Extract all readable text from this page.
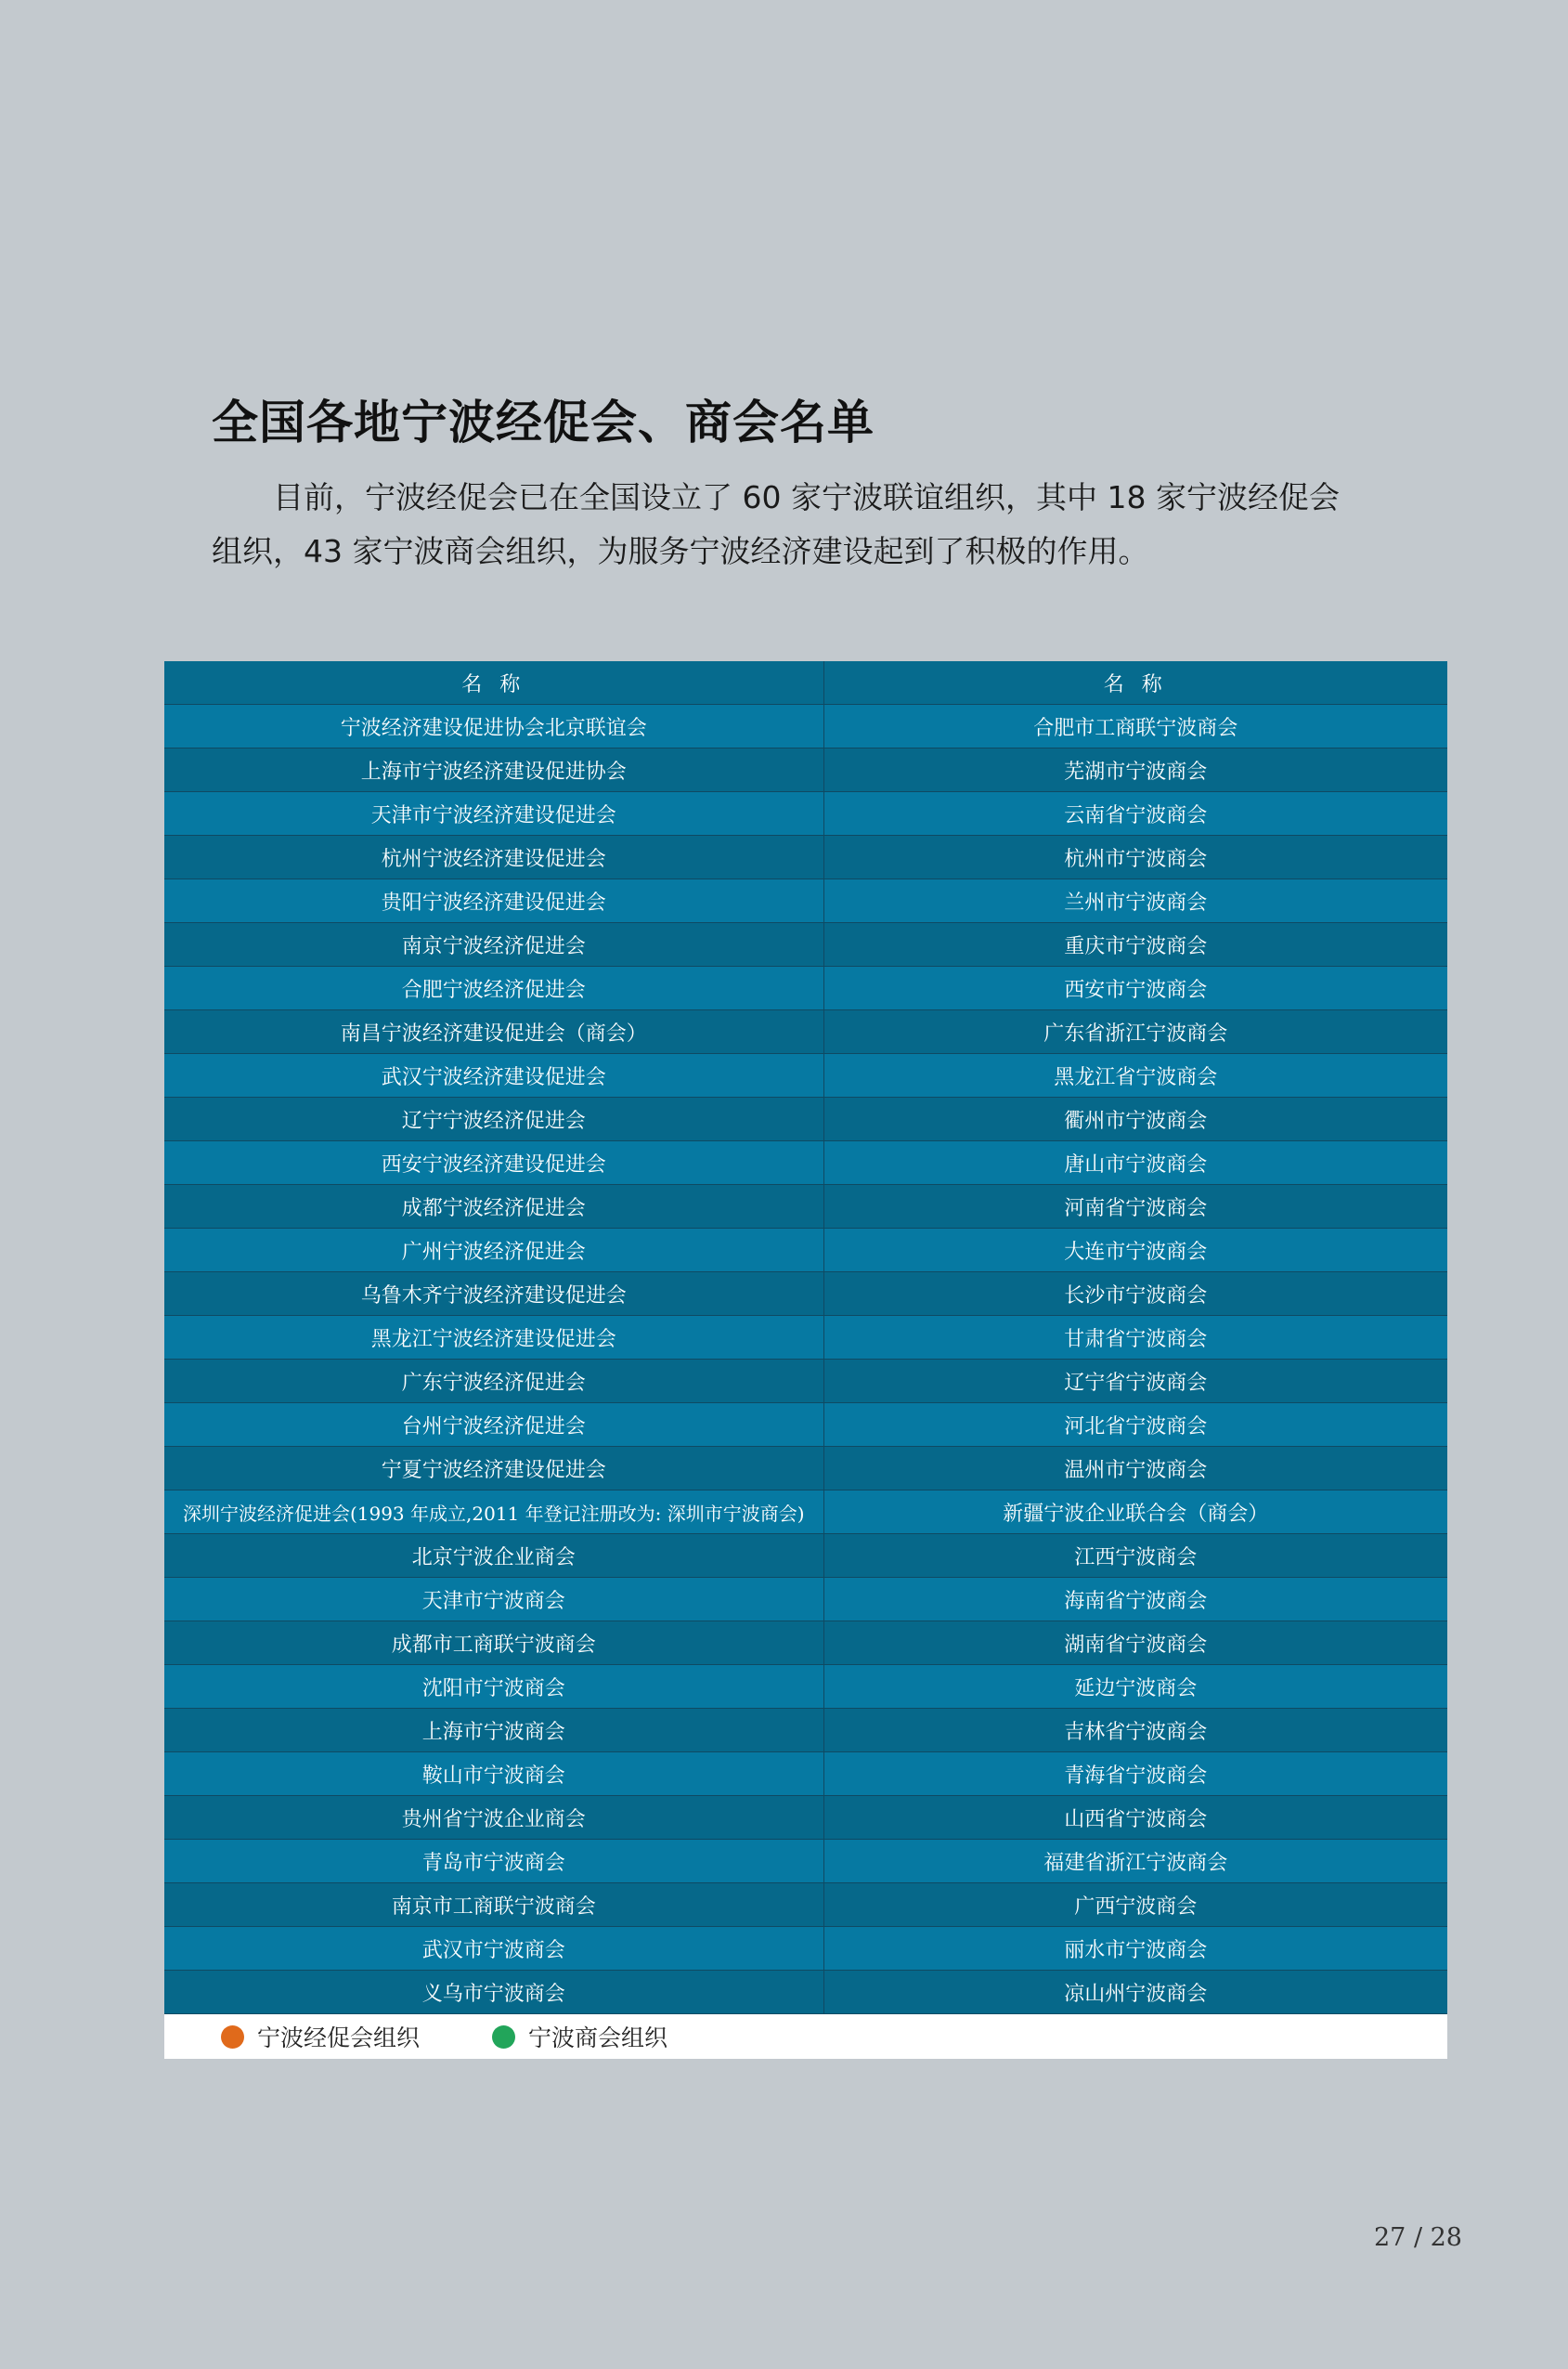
全国各地宁波经促会、商会名单
目前，宁波经促会已在全国设立了 60 家宁波联谊组织，其中 18 家宁波经促会组织，43 家宁波商会组织，为服务宁波经济建设起到了积极的作用。
名 称	名 称
宁波经济建设促进协会北京联谊会	合肥市工商联宁波商会
上海市宁波经济建设促进协会	芜湖市宁波商会
天津市宁波经济建设促进会	云南省宁波商会
杭州宁波经济建设促进会	杭州市宁波商会
贵阳宁波经济建设促进会	兰州市宁波商会
南京宁波经济促进会	重庆市宁波商会
合肥宁波经济促进会	西安市宁波商会
南昌宁波经济建设促进会（商会）	广东省浙江宁波商会
武汉宁波经济建设促进会	黑龙江省宁波商会
辽宁宁波经济促进会	衢州市宁波商会
西安宁波经济建设促进会	唐山市宁波商会
成都宁波经济促进会	河南省宁波商会
广州宁波经济促进会	大连市宁波商会
乌鲁木齐宁波经济建设促进会	长沙市宁波商会
黑龙江宁波经济建设促进会	甘肃省宁波商会
广东宁波经济促进会	辽宁省宁波商会
台州宁波经济促进会	河北省宁波商会
宁夏宁波经济建设促进会	温州市宁波商会
深圳宁波经济促进会(1993 年成立,2011 年登记注册改为: 深圳市宁波商会)	新疆宁波企业联合会（商会）
北京宁波企业商会	江西宁波商会
天津市宁波商会	海南省宁波商会
成都市工商联宁波商会	湖南省宁波商会
沈阳市宁波商会	延边宁波商会
上海市宁波商会	吉林省宁波商会
鞍山市宁波商会	青海省宁波商会
贵州省宁波企业商会	山西省宁波商会
青岛市宁波商会	福建省浙江宁波商会
南京市工商联宁波商会	广西宁波商会
武汉市宁波商会	丽水市宁波商会
义乌市宁波商会	凉山州宁波商会
宁波经促会组织	宁波商会组织
27 / 28
